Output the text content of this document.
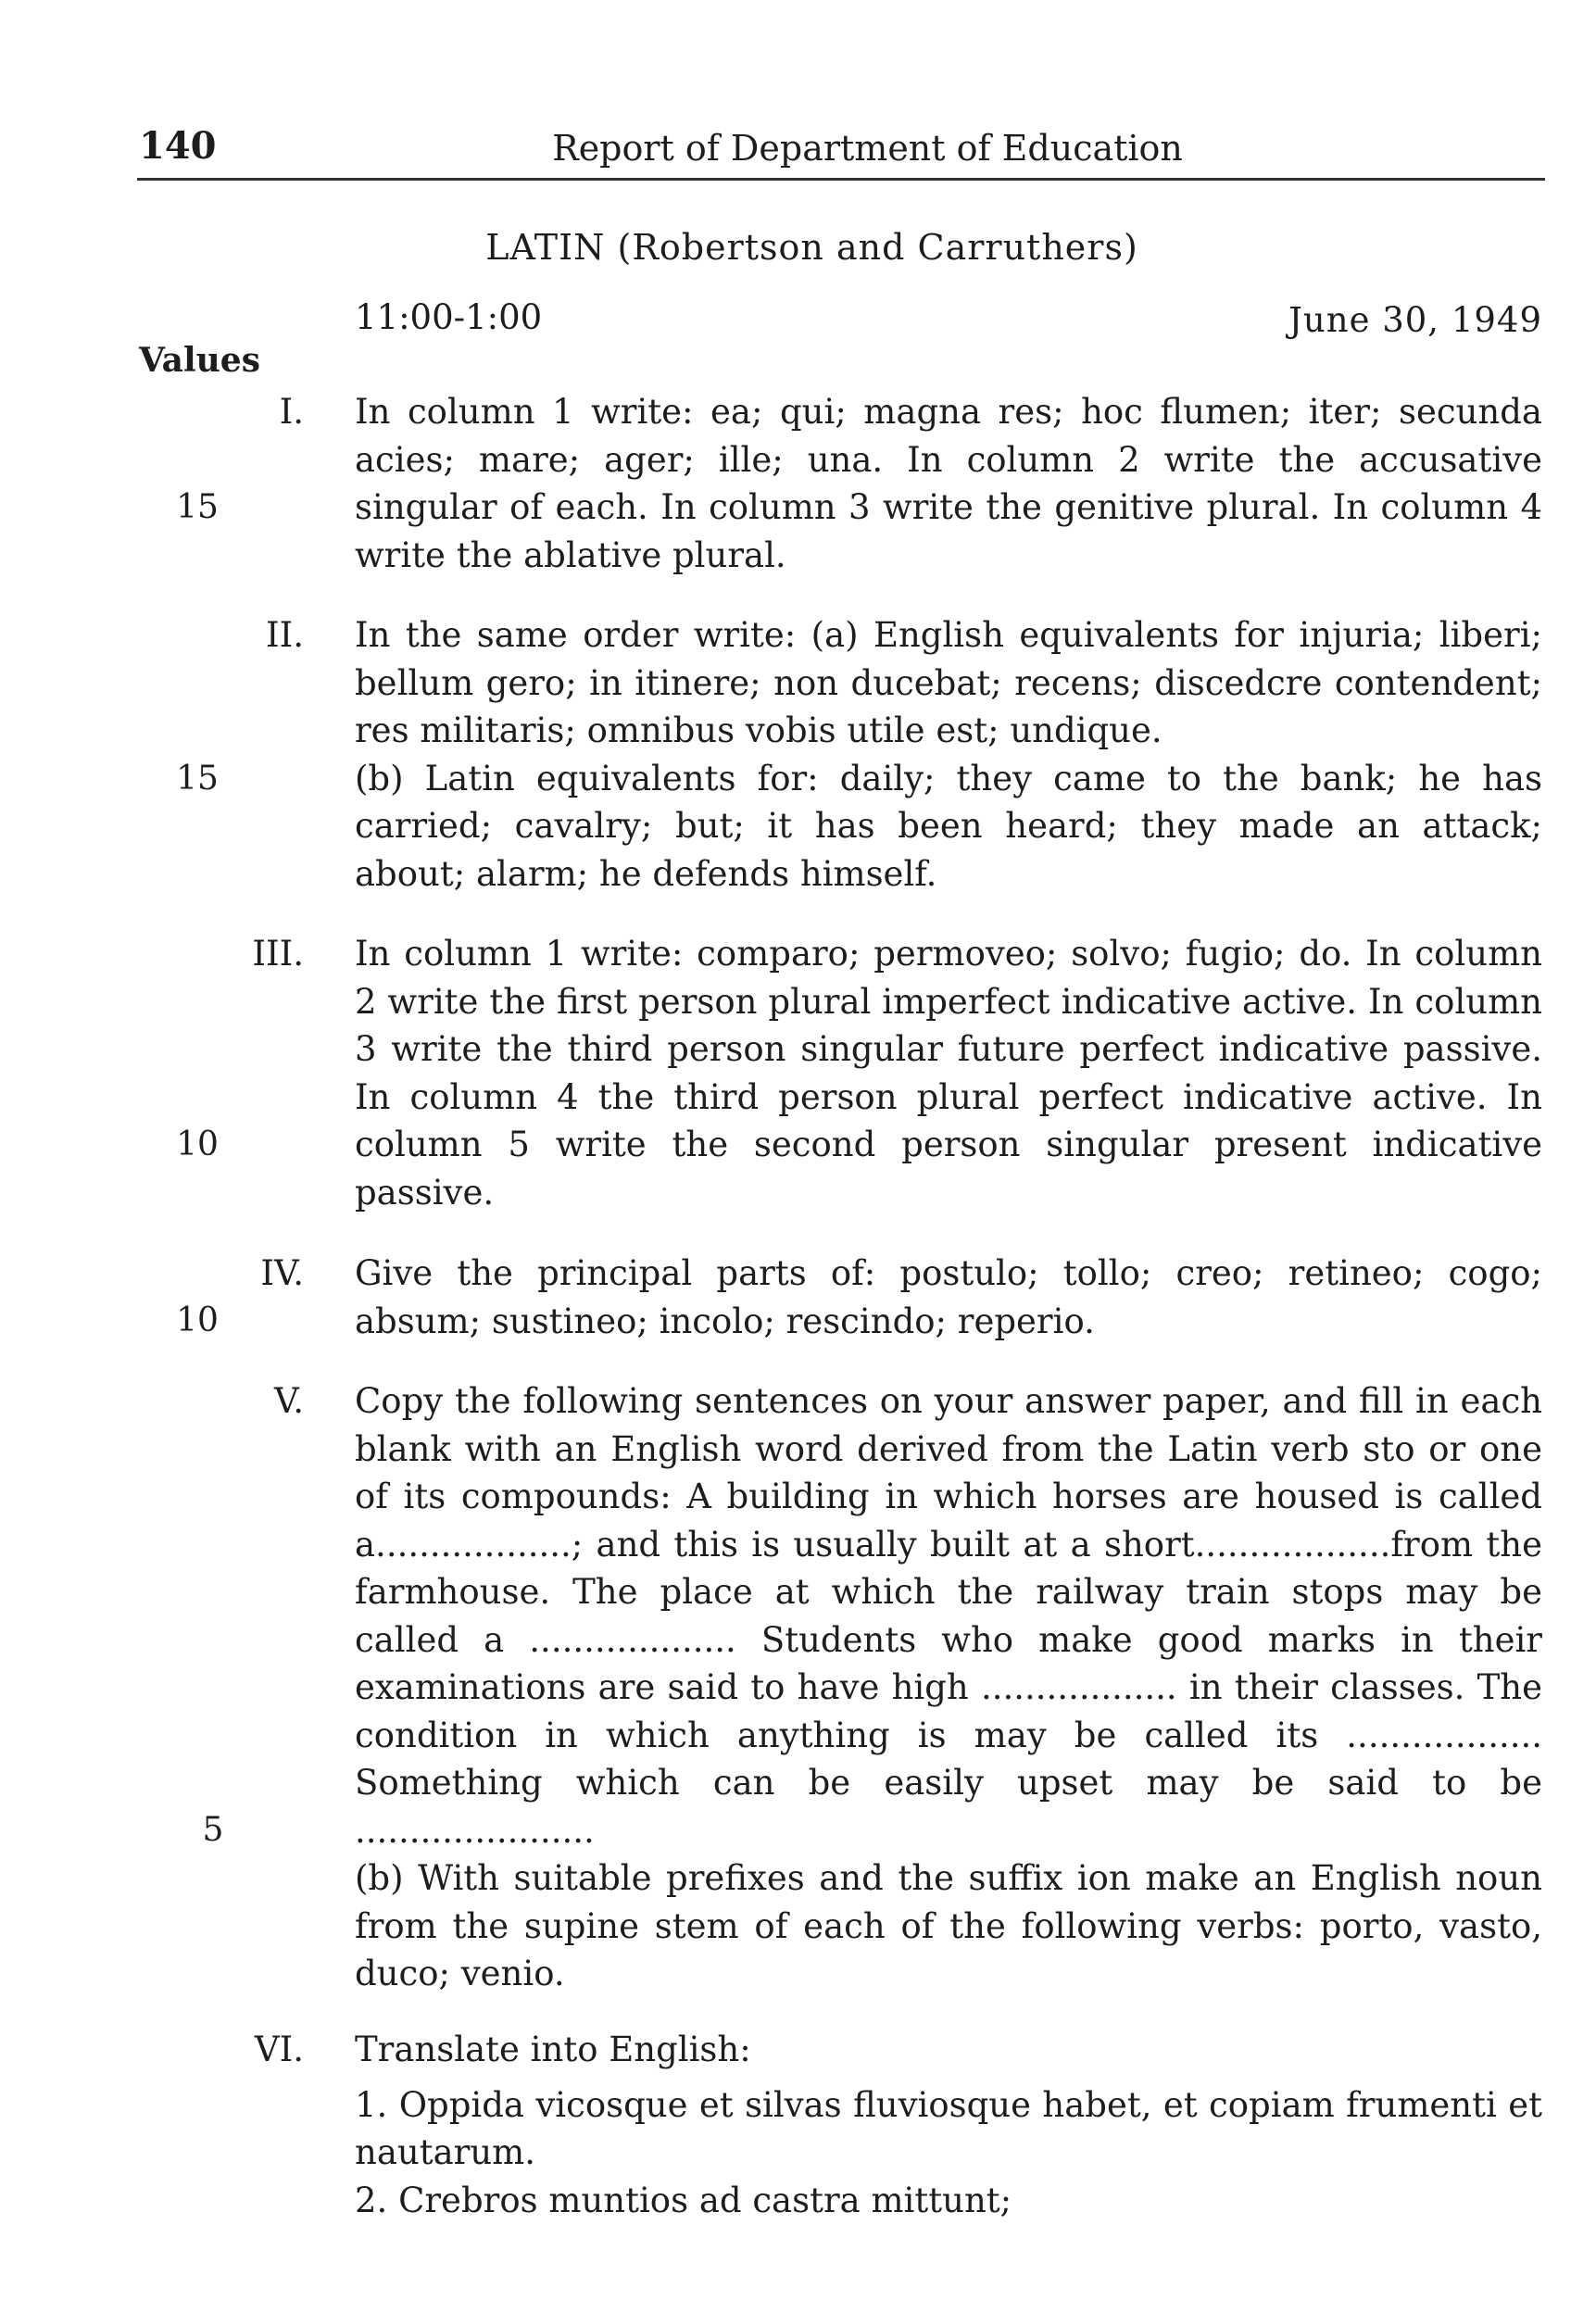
140	Report of Department of Education
LATIN (Robertson and Carruthers)
11:00-1:00	June 30, 1949
Values
I.
15

In column 1 write: ea; qui; magna res; hoc flumen; iter; secunda acies; mare; ager; ille; una. In column 2 write the accusative singular of each. In column 3 write the genitive plural. In column 4 write the ablative plural.

II.
15

In the same order write: (a) English equivalents for injuria; liberi; bellum gero; in itinere; non ducebat; recens; discedcre contendent; res militaris; omnibus vobis utile est; undique.

(b) Latin equivalents for: daily; they came to the bank; he has carried; cavalry; but; it has been heard; they made an attack; about; alarm; he defends himself.

III.
10

In column 1 write: comparo; permoveo; solvo; fugio; do. In column 2 write the first person plural imperfect indicative active. In column 3 write the third person singular future perfect indicative passive. In column 4 the third person plural perfect indicative active. In column 5 write the second person singular present indicative passive.

IV.
10

Give the principal parts of: postulo; tollo; creo; retineo; cogo; absum; sustineo; incolo; rescindo; reperio.

V.
5

Copy the following sentences on your answer paper, and fill in each blank with an English word derived from the Latin verb sto or one of its compounds: A building in which horses are housed is called a..................; and this is usually built at a short..................from the farmhouse. The place at which the railway train stops may be called a ................... Students who make good marks in their examinations are said to have high .................. in their classes. The condition in which anything is may be called its .................. Something which can be easily upset may be said to be ......................

(b) With suitable prefixes and the suffix ion make an English noun from the supine stem of each of the following verbs: porto, vasto, duco; venio.

VI. Translate into English:

1. Oppida vicosque et silvas fluviosque habet, et copiam frumenti et nautarum.

2. Crebros muntios ad castra mittunt;
